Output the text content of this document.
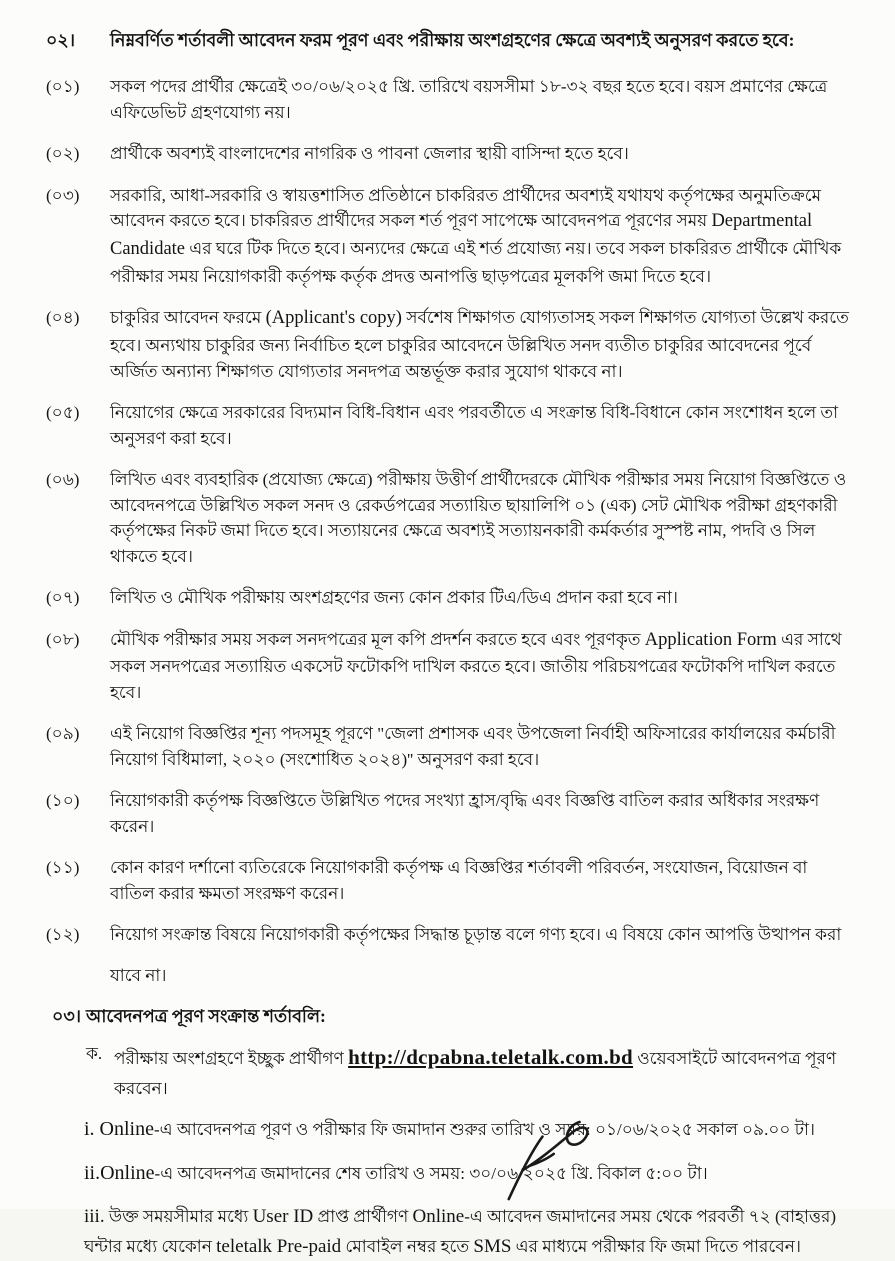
০২।	নিম্নবর্ণিত শর্তাবলী আবেদন ফরম পূরণ এবং পরীক্ষায় অংশগ্রহণের ক্ষেত্রে অবশ্যই অনুসরণ করতে হবে:
(০১)	সকল পদের প্রার্থীর ক্ষেত্রেই ৩০/০৬/২০২৫ খ্রি. তারিখে বয়সসীমা ১৮-৩২ বছর হতে হবে। বয়স প্রমাণের ক্ষেত্রে এফিডেভিট গ্রহণযোগ্য নয়।
(০২)	প্রার্থীকে অবশ্যই বাংলাদেশের নাগরিক ও পাবনা জেলার স্থায়ী বাসিন্দা হতে হবে।
(০৩)	সরকারি, আধা-সরকারি ও স্বায়ত্তশাসিত প্রতিষ্ঠানে চাকরিরত প্রার্থীদের অবশ্যই যথাযথ কর্তৃপক্ষের অনুমতিক্রমে আবেদন করতে হবে। চাকরিরত প্রার্থীদের সকল শর্ত পূরণ সাপেক্ষে আবেদনপত্র পূরণের সময় Departmental Candidate এর ঘরে টিক দিতে হবে। অন্যদের ক্ষেত্রে এই শর্ত প্রযোজ্য নয়। তবে সকল চাকরিরত প্রার্থীকে মৌখিক পরীক্ষার সময় নিয়োগকারী কর্তৃপক্ষ কর্তৃক প্রদত্ত অনাপত্তি ছাড়পত্রের মূলকপি জমা দিতে হবে।
(০৪)	চাকুরির আবেদন ফরমে (Applicant's copy) সর্বশেষ শিক্ষাগত যোগ্যতাসহ সকল শিক্ষাগত যোগ্যতা উল্লেখ করতে হবে। অন্যথায় চাকুরির জন্য নির্বাচিত হলে চাকুরির আবেদনে উল্লিখিত সনদ ব্যতীত চাকুরির আবেদনের পূর্বে অর্জিত অন্যান্য শিক্ষাগত যোগ্যতার সনদপত্র অন্তর্ভূক্ত করার সুযোগ থাকবে না।
(০৫)	নিয়োগের ক্ষেত্রে সরকারের বিদ্যমান বিধি-বিধান এবং পরবর্তীতে এ সংক্রান্ত বিধি-বিধানে কোন সংশোধন হলে তা অনুসরণ করা হবে।
(০৬)	লিখিত এবং ব্যবহারিক (প্রযোজ্য ক্ষেত্রে) পরীক্ষায় উত্তীর্ণ প্রার্থীদেরকে মৌখিক পরীক্ষার সময় নিয়োগ বিজ্ঞপ্তিতে ও আবেদনপত্রে উল্লিখিত সকল সনদ ও রেকর্ডপত্রের সত্যায়িত ছায়ালিপি ০১ (এক) সেট মৌখিক পরীক্ষা গ্রহণকারী কর্তৃপক্ষের নিকট জমা দিতে হবে। সত্যায়নের ক্ষেত্রে অবশ্যই সত্যায়নকারী কর্মকর্তার সুস্পষ্ট নাম, পদবি ও সিল থাকতে হবে।
(০৭)	লিখিত ও মৌখিক পরীক্ষায় অংশগ্রহণের জন্য কোন প্রকার টিএ/ডিএ প্রদান করা হবে না।
(০৮)	মৌখিক পরীক্ষার সময় সকল সনদপত্রের মূল কপি প্রদর্শন করতে হবে এবং পূরণকৃত Application Form এর সাথে সকল সনদপত্রের সত্যায়িত একসেট ফটোকপি দাখিল করতে হবে। জাতীয় পরিচয়পত্রের ফটোকপি দাখিল করতে হবে।
(০৯)	এই নিয়োগ বিজ্ঞপ্তির শূন্য পদসমূহ পূরণে "জেলা প্রশাসক এবং উপজেলা নির্বাহী অফিসারের কার্যালয়ের কর্মচারী নিয়োগ বিধিমালা, ২০২০ (সংশোধিত ২০২৪)'' অনুসরণ করা হবে।
(১০)	নিয়োগকারী কর্তৃপক্ষ বিজ্ঞপ্তিতে উল্লিখিত পদের সংখ্যা হ্রাস/বৃদ্ধি এবং বিজ্ঞপ্তি বাতিল করার অধিকার সংরক্ষণ করেন।
(১১)	কোন কারণ দর্শানো ব্যতিরেকে নিয়োগকারী কর্তৃপক্ষ এ বিজ্ঞপ্তির শর্তাবলী পরিবর্তন, সংযোজন, বিয়োজন বা বাতিল করার ক্ষমতা সংরক্ষণ করেন।
(১২)	নিয়োগ সংক্রান্ত বিষয়ে নিয়োগকারী কর্তৃপক্ষের সিদ্ধান্ত চূড়ান্ত বলে গণ্য হবে। এ বিষয়ে কোন আপত্তি উত্থাপন করা
যাবে না।
০৩। আবেদনপত্র পূরণ সংক্রান্ত শর্তাবলি:
ক. পরীক্ষায় অংশগ্রহণে ইচ্ছুক প্রার্থীগণ http://dcpabna.teletalk.com.bd ওয়েবসাইটে আবেদনপত্র পূরণ করবেন।
i. Online-এ আবেদনপত্র পূরণ ও পরীক্ষার ফি জমাদান শুরুর তারিখ ও সময়: ০১/০৬/২০২৫ সকাল ০৯.০০ টা।
ii.Online-এ আবেদনপত্র জমাদানের শেষ তারিখ ও সময়: ৩০/০৬/২০২৫ খ্রি. বিকাল ৫:০০ টা।
iii. উক্ত সময়সীমার মধ্যে User ID প্রাপ্ত প্রার্থীগণ Online-এ আবেদন জমাদানের সময় থেকে পরবর্তী ৭২ (বাহাত্তর) ঘন্টার মধ্যে যেকোন teletalk Pre-paid মোবাইল নম্বর হতে SMS এর মাধ্যমে পরীক্ষার ফি জমা দিতে পারবেন।
